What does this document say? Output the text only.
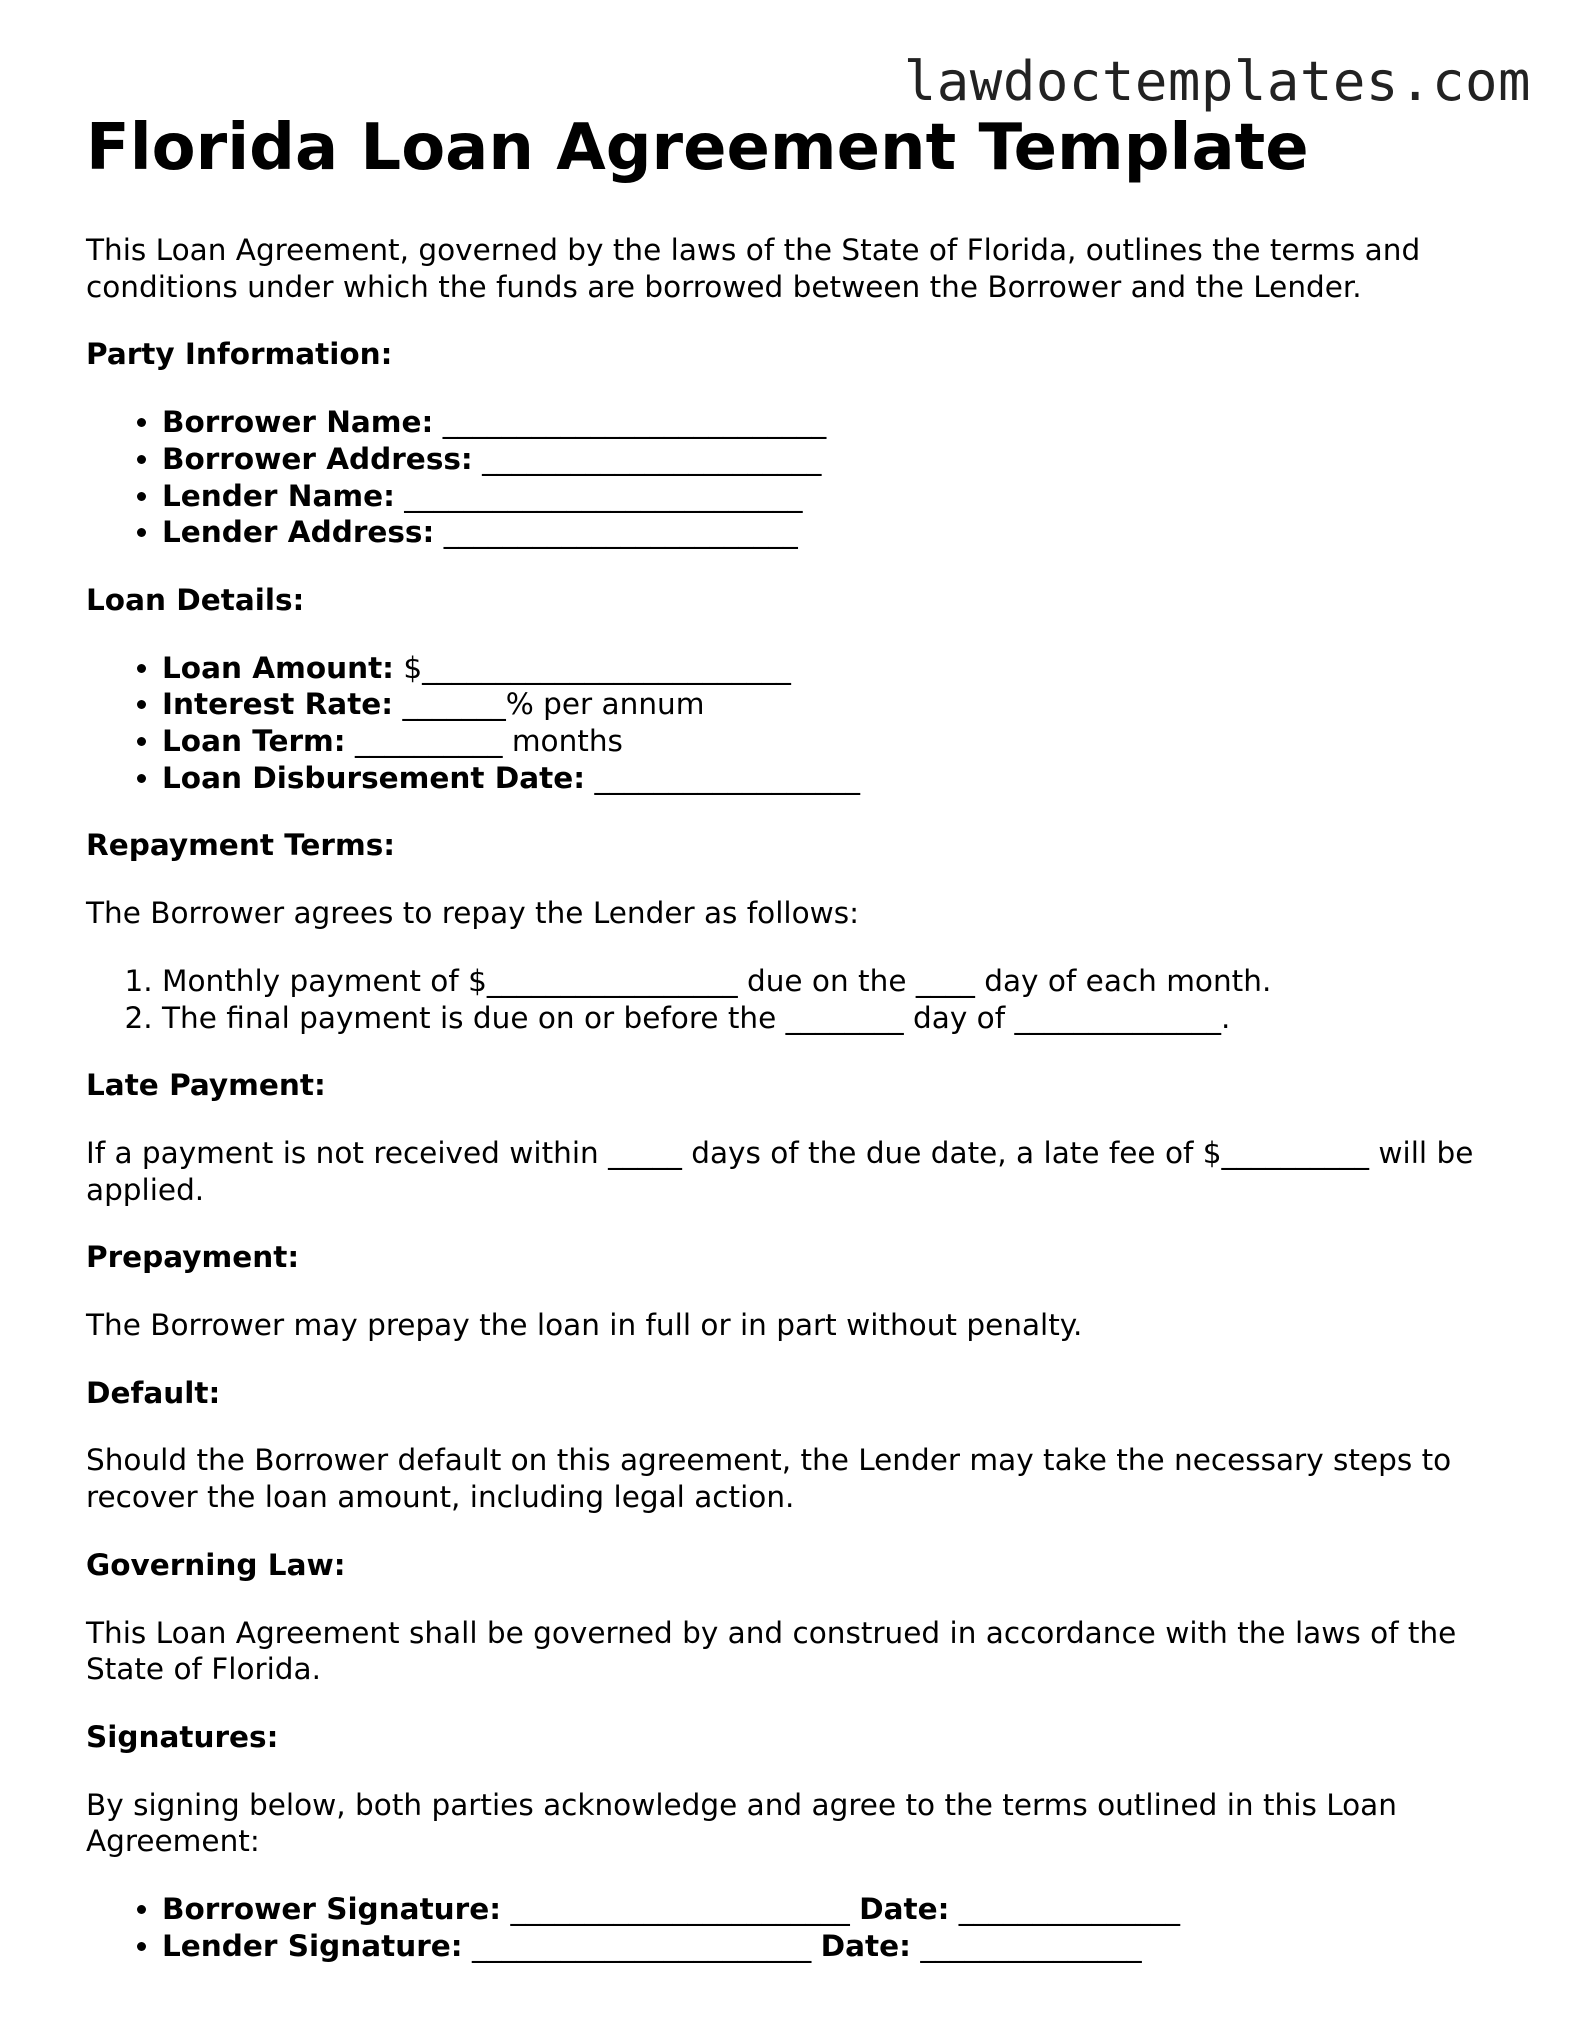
lawdoctemplates.com
Florida Loan Agreement Template

This Loan Agreement, governed by the laws of the State of Florida, outlines the terms and conditions under which the funds are borrowed between the Borrower and the Lender.

Party Information:

• Borrower Name: __________________________
• Borrower Address: _______________________
• Lender Name: ___________________________
• Lender Address: ________________________

Loan Details:

• Loan Amount: $_________________________
• Interest Rate: _______% per annum
• Loan Term: __________ months
• Loan Disbursement Date: __________________

Repayment Terms:

The Borrower agrees to repay the Lender as follows:

1. Monthly payment of $_________________ due on the ____ day of each month.
2. The final payment is due on or before the ________ day of ______________.

Late Payment:

If a payment is not received within _____ days of the due date, a late fee of $__________ will be applied.

Prepayment:

The Borrower may prepay the loan in full or in part without penalty.

Default:

Should the Borrower default on this agreement, the Lender may take the necessary steps to recover the loan amount, including legal action.

Governing Law:

This Loan Agreement shall be governed by and construed in accordance with the laws of the State of Florida.

Signatures:

By signing below, both parties acknowledge and agree to the terms outlined in this Loan Agreement:

• Borrower Signature: _______________________ Date: _______________
• Lender Signature: _______________________ Date: _______________
